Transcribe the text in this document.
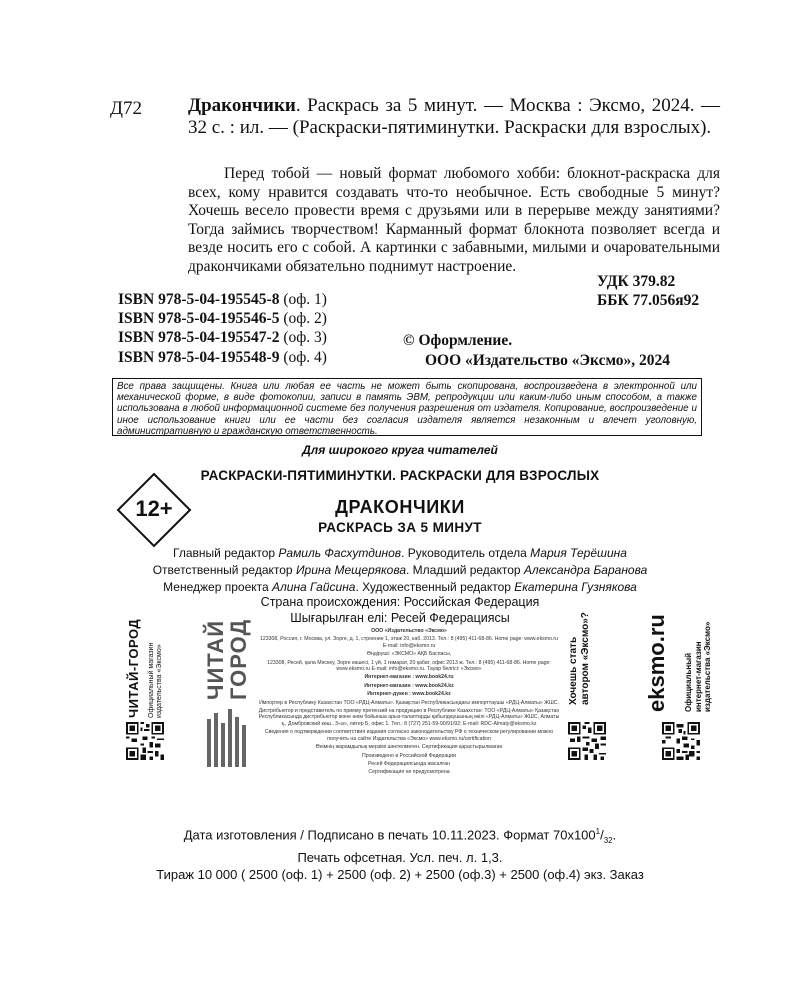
Д72 Дракончики. Раскрась за 5 минут. — Москва : Эксмо, 2024. — 32 с. : ил. — (Раскраски-пятиминутки. Раскраски для взрослых).
Перед тобой — новый формат любомого хобби: блокнот-раскраска для всех, кому нравится создавать что-то необычное. Есть свободные 5 минут? Хочешь весело провести время с друзьями или в перерыве между занятиями? Тогда займись творчеством! Карманный формат блокнота позволяет всегда и везде носить его с собой. А картинки с забавными, милыми и очаровательными дракончиками обязательно поднимут настроение.
УДК 379.82
ББК 77.056я92
ISBN 978-5-04-195545-8 (оф. 1)
ISBN 978-5-04-195546-5 (оф. 2)
ISBN 978-5-04-195547-2 (оф. 3)
ISBN 978-5-04-195548-9 (оф. 4)
© Оформление.
ООО «Издательство «Эксмо», 2024
Все права защищены. Книга или любая ее часть не может быть скопирована, воспроизведена в электронной или механической форме, в виде фотокопии, записи в память ЭВМ, репродукции или каким-либо иным способом, а также использована в любой информационной системе без получения разрешения от издателя. Копирование, воспроизведение и иное использование книги или ее части без согласия издателя является незаконным и влечет уголовную, административную и гражданскую ответственность.
Для широкого круга читателей
РАСКРАСКИ-ПЯТИМИНУТКИ. РАСКРАСКИ ДЛЯ ВЗРОСЛЫХ
12+	ДРАКОНЧИКИ
РАСКРАСЬ ЗА 5 МИНУТ
Главный редактор Рамиль Фасхутдинов. Руководитель отдела Мария Терёшина
Ответственный редактор Ирина Мещерякова. Младший редактор Александра Баранова
Менеджер проекта Алина Гайсина. Художественный редактор Екатерина Гузнякова
Страна происхождения: Российская Федерация
Шығарылған елі: Ресей Федерациясы

ООО «Издательство «Эксмо»

123308, Россия, г. Москва, ул. Зорге, д. 1, строение 1, этаж 20, каб. 2013. Тел.: 8 (495) 411-68-86. Home page: www.eksmo.ru E-mail: info@eksmo.ru

Өндіруші: «ЭКСМО» АҚБ Баспасы,

123308, Ресей, қала Мәскеу, Зорге көшесі, 1 үй, 1 ғимарат, 20 қабат, офис 2013 ж. Тел.: 8 (495) 411-68-86. Home page: www.eksmo.ru E-mail: info@eksmo.ru. Тауар белгісі: «Эксмо»

Интернет-магазин : www.book24.ru

Интернет-магазин : www.book24.kz

Интернет-дүкен : www.book24.kz

Импортер в Республику Казахстан ТОО «РДЦ-Алматы». Қазақстан Республикасындағы импорттаушы «РДЦ-Алматы» ЖШС.

Дистрибьютор и представитель по приему претензий на продукцию в Республике Казахстан: ТОО «РДЦ-Алматы» Қазақстан Республикасында дистрибьютор және өнім бойынша арыз-талаптарды қабылдаушының өкілі «РДЦ-Алматы» ЖШС, Алматы қ., Домбровский көш., 3«а», литер Б, офис 1. Тел.: 8 (727) 251-59-90/91/92; E-mail: RDC-Almaty@eksmo.kz

Сведения о подтверждении соответствия издания согласно законодательству РФ о техническом регулировании можно получить на сайте Издательства «Эксмо» www.eksmo.ru/certification

Өнімнің жарамдылық мерзімі шектелмеген. Сертификация қарастырылмаған

Произведено в Российской Федерации

Ресей Федерациясында жасалған

Сертификация не предусмотрена

ЧИТАЙ-ГОРОД Официальный магазин издательства «Эксмо» ЧИТАЙ
ГОРОД	Хочешь стать автором «Эксмо»? eksmo.ru Официальный интернет-магазин издательства «Эксмо»
Дата изготовления / Подписано в печать 10.11.2023. Формат $70x100^1/_{32}$.
Печать офсетная. Усл. печ. л. 1,3.
Тираж 10 000 ( 2500 (оф. 1) + 2500 (оф. 2) + 2500 (оф.3) + 2500 (оф.4) экз. Заказ
